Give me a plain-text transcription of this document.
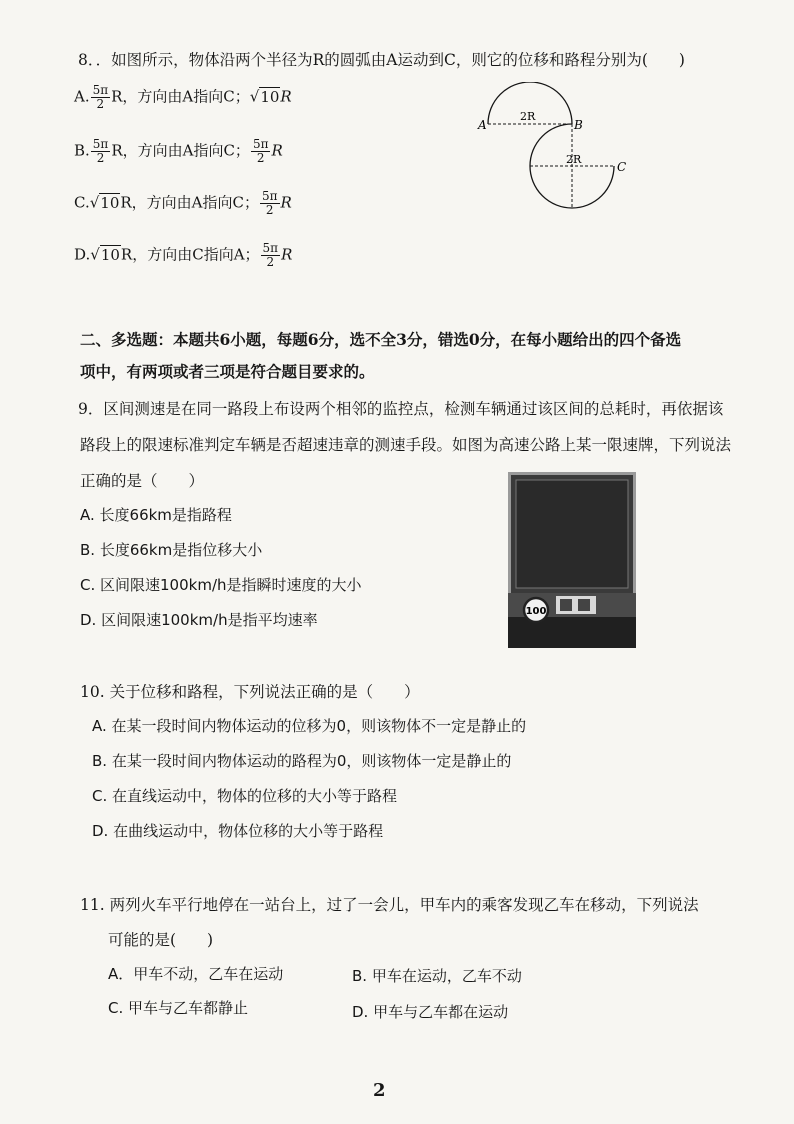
8．．如图所示，物体沿两个半径为R的圆弧由A运动到C，则它的位移和路程分别为(　　)
A. $\frac{5\pi}{2}$ R，方向由A指向C；√10R
B. $\frac{5\pi}{2}$ R，方向由A指向C； $\frac{5\pi}{2}$ R
C.√10R，方向由A指向C； $\frac{5\pi}{2}$ R
D.√10R，方向由C指向A； $\frac{5\pi}{2}$ R
A	B
C
2R
2R
二、多选题：本题共6小题，每题6分，选不全3分，错选0分，在每小题给出的四个备选
项中，有两项或者三项是符合题目要求的。
9．区间测速是在同一路段上布设两个相邻的监控点，检测车辆通过该区间的总耗时，再依据该
路段上的限速标准判定车辆是否超速违章的测速手段。如图为高速公路上某一限速牌，下列说法
正确的是（　　）
A. 长度66km是指路程
B. 长度66km是指位移大小
C. 区间限速100km/h是指瞬时速度的大小
D. 区间限速100km/h是指平均速率	100
10. 关于位移和路程，下列说法正确的是（　　）
A. 在某一段时间内物体运动的位移为0，则该物体不一定是静止的
B. 在某一段时间内物体运动的路程为0，则该物体一定是静止的
C. 在直线运动中，物体的位移的大小等于路程
D. 在曲线运动中，物体位移的大小等于路程
11. 两列火车平行地停在一站台上，过了一会儿，甲车内的乘客发现乙车在移动，下列说法
可能的是(　　)
A．甲车不动，乙车在运动	B. 甲车在运动，乙车不动
C. 甲车与乙车都静止	D. 甲车与乙车都在运动
2
